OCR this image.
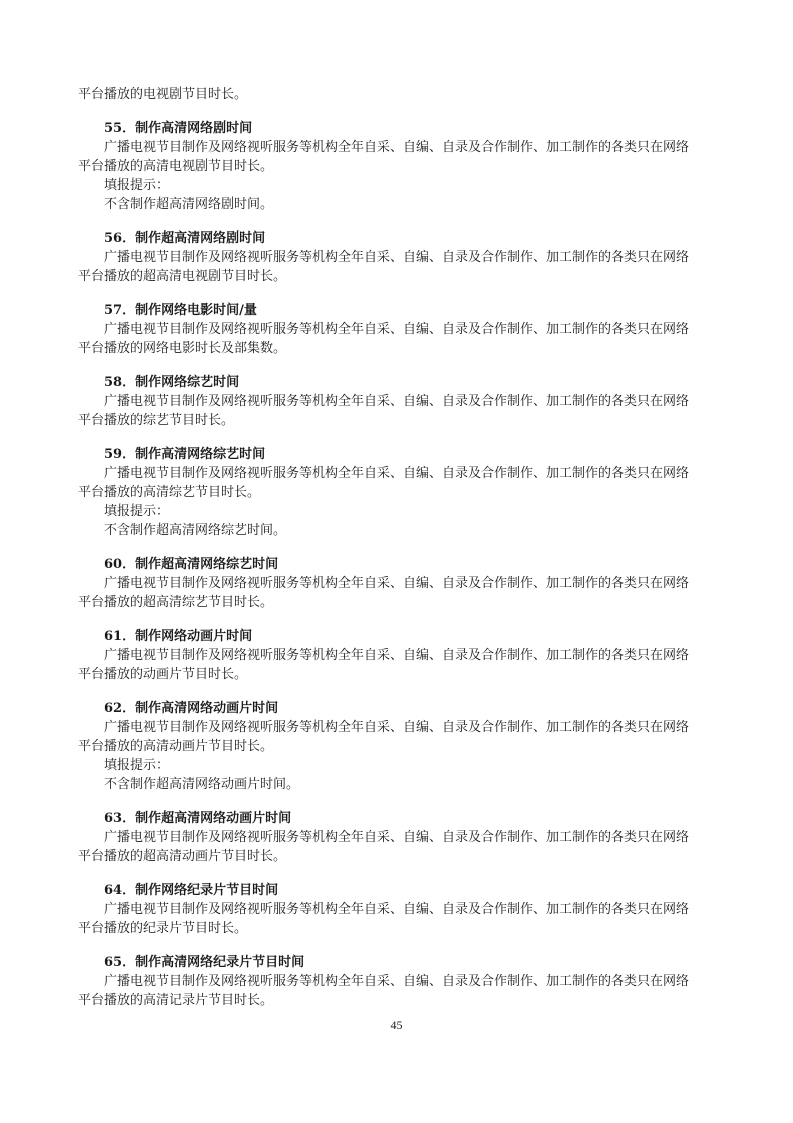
平台播放的电视剧节目时长。
55．制作高清网络剧时间
广播电视节目制作及网络视听服务等机构全年自采、自编、自录及合作制作、加工制作的各类只在网络
平台播放的高清电视剧节目时长。
填报提示：
不含制作超高清网络剧时间。
56．制作超高清网络剧时间
广播电视节目制作及网络视听服务等机构全年自采、自编、自录及合作制作、加工制作的各类只在网络
平台播放的超高清电视剧节目时长。
57．制作网络电影时间/量
广播电视节目制作及网络视听服务等机构全年自采、自编、自录及合作制作、加工制作的各类只在网络
平台播放的网络电影时长及部集数。
58．制作网络综艺时间
广播电视节目制作及网络视听服务等机构全年自采、自编、自录及合作制作、加工制作的各类只在网络
平台播放的综艺节目时长。
59．制作高清网络综艺时间
广播电视节目制作及网络视听服务等机构全年自采、自编、自录及合作制作、加工制作的各类只在网络
平台播放的高清综艺节目时长。
填报提示：
不含制作超高清网络综艺时间。
60．制作超高清网络综艺时间
广播电视节目制作及网络视听服务等机构全年自采、自编、自录及合作制作、加工制作的各类只在网络
平台播放的超高清综艺节目时长。
61．制作网络动画片时间
广播电视节目制作及网络视听服务等机构全年自采、自编、自录及合作制作、加工制作的各类只在网络
平台播放的动画片节目时长。
62．制作高清网络动画片时间
广播电视节目制作及网络视听服务等机构全年自采、自编、自录及合作制作、加工制作的各类只在网络
平台播放的高清动画片节目时长。
填报提示：
不含制作超高清网络动画片时间。
63．制作超高清网络动画片时间
广播电视节目制作及网络视听服务等机构全年自采、自编、自录及合作制作、加工制作的各类只在网络
平台播放的超高清动画片节目时长。
64．制作网络纪录片节目时间
广播电视节目制作及网络视听服务等机构全年自采、自编、自录及合作制作、加工制作的各类只在网络
平台播放的纪录片节目时长。
65．制作高清网络纪录片节目时间
广播电视节目制作及网络视听服务等机构全年自采、自编、自录及合作制作、加工制作的各类只在网络
平台播放的高清记录片节目时长。
45
